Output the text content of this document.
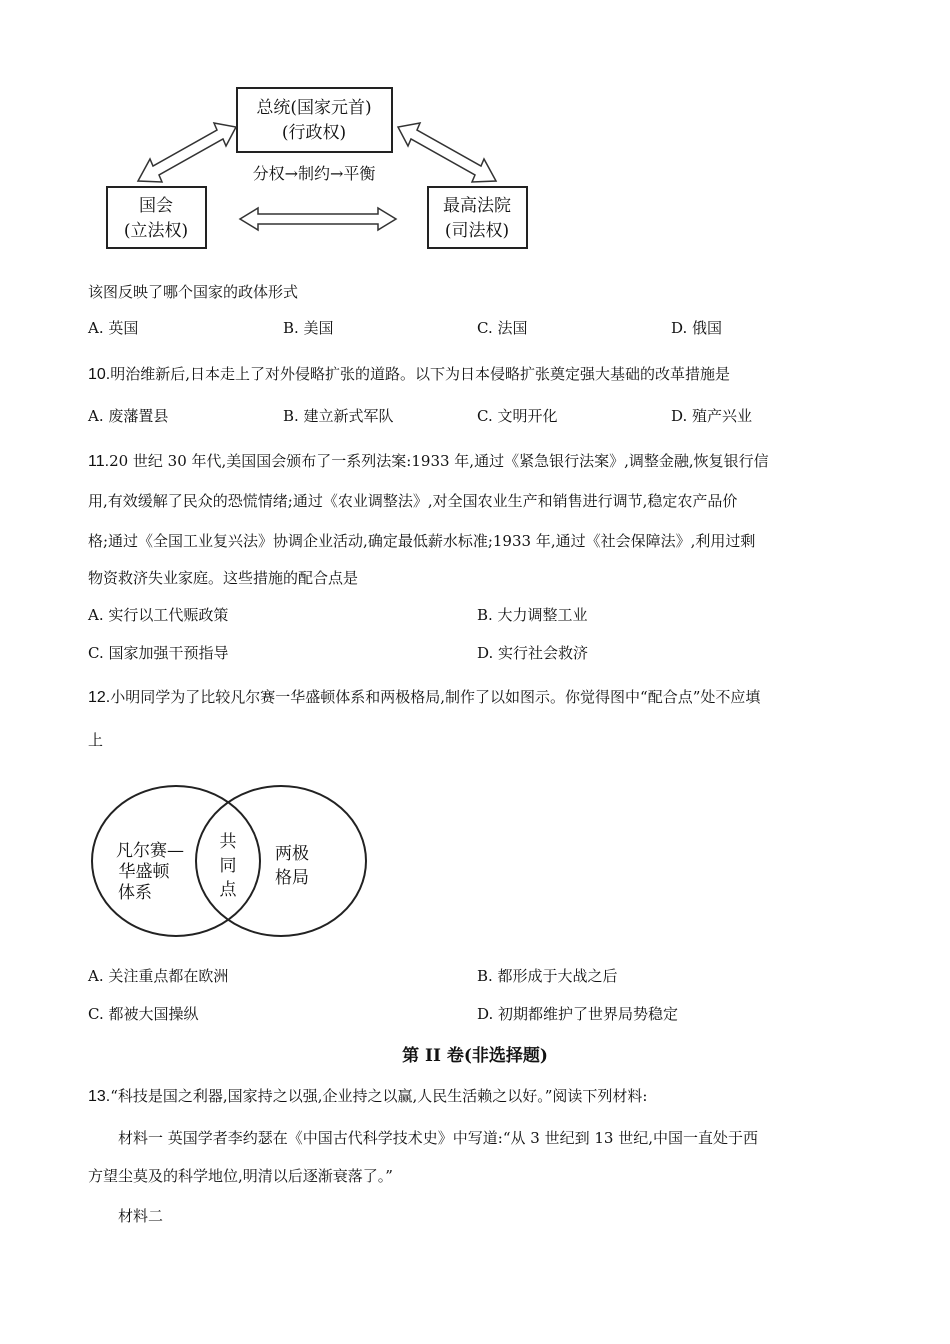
总统(国家元首)
(行政权)
国会
(立法权)
最高法院
(司法权)
分权→制约→平衡
该图反映了哪个国家的政体形式
A. 英国	B. 美国	C. 法国	D. 俄国
10.明治维新后,日本走上了对外侵略扩张的道路。以下为日本侵略扩张奠定强大基础的改革措施是
A. 废藩置县	B. 建立新式军队	C. 文明开化	D. 殖产兴业
11.20 世纪 30 年代,美国国会颁布了一系列法案:1933 年,通过《紧急银行法案》,调整金融,恢复银行信
用,有效缓解了民众的恐慌情绪;通过《农业调整法》,对全国农业生产和销售进行调节,稳定农产品价
格;通过《全国工业复兴法》协调企业活动,确定最低薪水标准;1933 年,通过《社会保障法》,利用过剩
物资救济失业家庭。这些措施的配合点是
A. 实行以工代赈政策	B. 大力调整工业
C. 国家加强干预指导	D. 实行社会救济
12.小明同学为了比较凡尔赛一华盛顿体系和两极格局,制作了以如图示。你觉得图中“配合点”处不应填
上
凡尔赛—
华盛顿
体系
共
同
点
两极
格局
A. 关注重点都在欧洲	B. 都形成于大战之后
C. 都被大国操纵	D. 初期都维护了世界局势稳定
第 II 卷(非选择题)
13.“科技是国之利器,国家持之以强,企业持之以赢,人民生活赖之以好。”阅读下列材料:
材料一 英国学者李约瑟在《中国古代科学技术史》中写道:“从 3 世纪到 13 世纪,中国一直处于西
方望尘莫及的科学地位,明清以后逐渐衰落了。”
材料二
